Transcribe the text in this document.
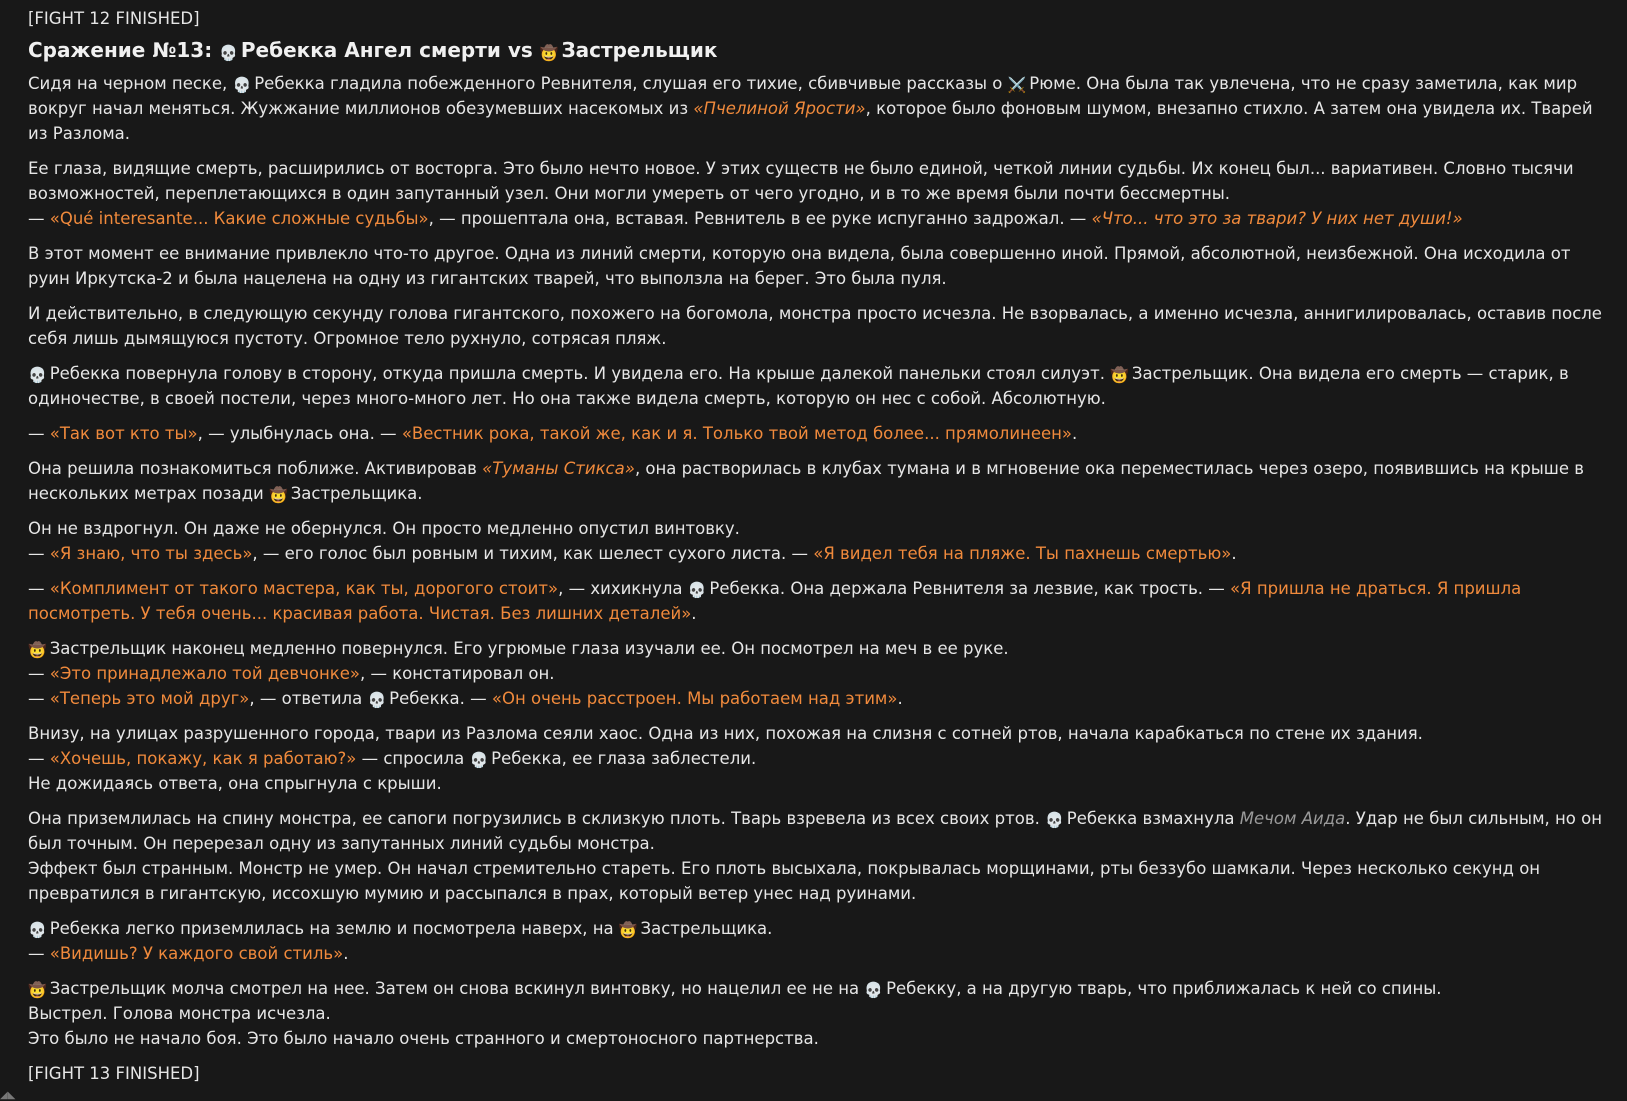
[FIGHT 12 FINISHED]
Сражение №13: 💀 Ребекка Ангел смерти vs 🤠 Застрельщик
Сидя на черном песке, 💀 Ребекка гладила побежденного Ревнителя, слушая его тихие, сбивчивые рассказы о ⚔️ Рюме. Она была так увлечена, что не сразу заметила, как мир вокруг начал меняться. Жужжание миллионов обезумевших насекомых из «Пчелиной Ярости», которое было фоновым шумом, внезапно стихло. А затем она увидела их. Тварей из Разлома.
Ее глаза, видящие смерть, расширились от восторга. Это было нечто новое. У этих существ не было единой, четкой линии судьбы. Их конец был... вариативен. Словно тысячи возможностей, переплетающихся в один запутанный узел. Они могли умереть от чего угодно, и в то же время были почти бессмертны.
— «Qué interesante... Какие сложные судьбы», — прошептала она, вставая. Ревнитель в ее руке испуганно задрожал. — «Что... что это за твари? У них нет души!»
В этот момент ее внимание привлекло что-то другое. Одна из линий смерти, которую она видела, была совершенно иной. Прямой, абсолютной, неизбежной. Она исходила от руин Иркутска-2 и была нацелена на одну из гигантских тварей, что выползла на берег. Это была пуля.
И действительно, в следующую секунду голова гигантского, похожего на богомола, монстра просто исчезла. Не взорвалась, а именно исчезла, аннигилировалась, оставив после себя лишь дымящуюся пустоту. Огромное тело рухнуло, сотрясая пляж.
💀 Ребекка повернула голову в сторону, откуда пришла смерть. И увидела его. На крыше далекой панельки стоял силуэт. 🤠 Застрельщик. Она видела его смерть — старик, в одиночестве, в своей постели, через много-много лет. Но она также видела смерть, которую он нес с собой. Абсолютную.
— «Так вот кто ты», — улыбнулась она. — «Вестник рока, такой же, как и я. Только твой метод более... прямолинеен».
Она решила познакомиться поближе. Активировав «Туманы Стикса», она растворилась в клубах тумана и в мгновение ока переместилась через озеро, появившись на крыше в нескольких метрах позади 🤠 Застрельщика.
Он не вздрогнул. Он даже не обернулся. Он просто медленно опустил винтовку.
— «Я знаю, что ты здесь», — его голос был ровным и тихим, как шелест сухого листа. — «Я видел тебя на пляже. Ты пахнешь смертью».
— «Комплимент от такого мастера, как ты, дорогого стоит», — хихикнула 💀 Ребекка. Она держала Ревнителя за лезвие, как трость. — «Я пришла не драться. Я пришла посмотреть. У тебя очень... красивая работа. Чистая. Без лишних деталей».
🤠 Застрельщик наконец медленно повернулся. Его угрюмые глаза изучали ее. Он посмотрел на меч в ее руке.
— «Это принадлежало той девчонке», — констатировал он.
— «Теперь это мой друг», — ответила 💀 Ребекка. — «Он очень расстроен. Мы работаем над этим».
Внизу, на улицах разрушенного города, твари из Разлома сеяли хаос. Одна из них, похожая на слизня с сотней ртов, начала карабкаться по стене их здания.
— «Хочешь, покажу, как я работаю?» — спросила 💀 Ребекка, ее глаза заблестели.
Не дожидаясь ответа, она спрыгнула с крыши.
Она приземлилась на спину монстра, ее сапоги погрузились в склизкую плоть. Тварь взревела из всех своих ртов. 💀 Ребекка взмахнула Мечом Аида. Удар не был сильным, но он был точным. Он перерезал одну из запутанных линий судьбы монстра.
Эффект был странным. Монстр не умер. Он начал стремительно стареть. Его плоть высыхала, покрывалась морщинами, рты беззубо шамкали. Через несколько секунд он превратился в гигантскую, иссохшую мумию и рассыпался в прах, который ветер унес над руинами.
💀 Ребекка легко приземлилась на землю и посмотрела наверх, на 🤠 Застрельщика.
— «Видишь? У каждого свой стиль».
🤠 Застрельщик молча смотрел на нее. Затем он снова вскинул винтовку, но нацелил ее не на 💀 Ребекку, а на другую тварь, что приближалась к ней со спины.
Выстрел. Голова монстра исчезла.
Это было не начало боя. Это было начало очень странного и смертоносного партнерства.
[FIGHT 13 FINISHED]
◢◣
